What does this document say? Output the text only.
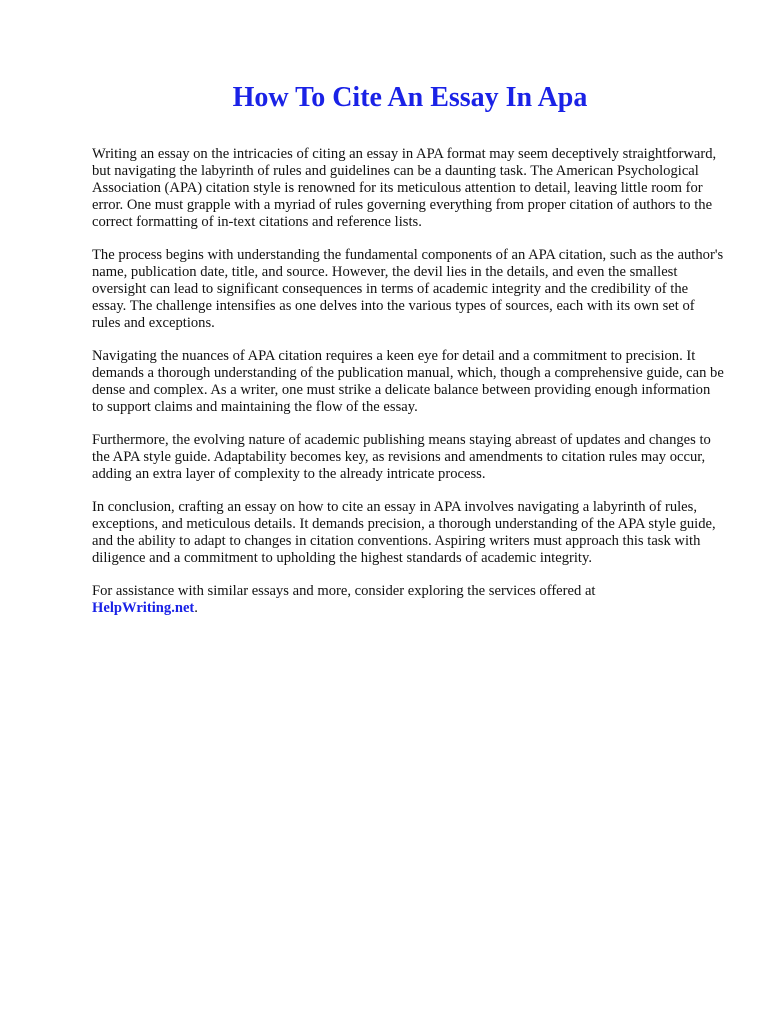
How To Cite An Essay In Apa

Writing an essay on the intricacies of citing an essay in APA format may seem deceptively straightforward, but navigating the labyrinth of rules and guidelines can be a daunting task. The American Psychological Association (APA) citation style is renowned for its meticulous attention to detail, leaving little room for error. One must grapple with a myriad of rules governing everything from proper citation of authors to the correct formatting of in-text citations and reference lists.

The process begins with understanding the fundamental components of an APA citation, such as the author's name, publication date, title, and source. However, the devil lies in the details, and even the smallest oversight can lead to significant consequences in terms of academic integrity and the credibility of the essay. The challenge intensifies as one delves into the various types of sources, each with its own set of rules and exceptions.

Navigating the nuances of APA citation requires a keen eye for detail and a commitment to precision. It demands a thorough understanding of the publication manual, which, though a comprehensive guide, can be dense and complex. As a writer, one must strike a delicate balance between providing enough information to support claims and maintaining the flow of the essay.

Furthermore, the evolving nature of academic publishing means staying abreast of updates and changes to the APA style guide. Adaptability becomes key, as revisions and amendments to citation rules may occur, adding an extra layer of complexity to the already intricate process.

In conclusion, crafting an essay on how to cite an essay in APA involves navigating a labyrinth of rules, exceptions, and meticulous details. It demands precision, a thorough understanding of the APA style guide, and the ability to adapt to changes in citation conventions. Aspiring writers must approach this task with diligence and a commitment to upholding the highest standards of academic integrity.

For assistance with similar essays and more, consider exploring the services offered at
HelpWriting.net.
